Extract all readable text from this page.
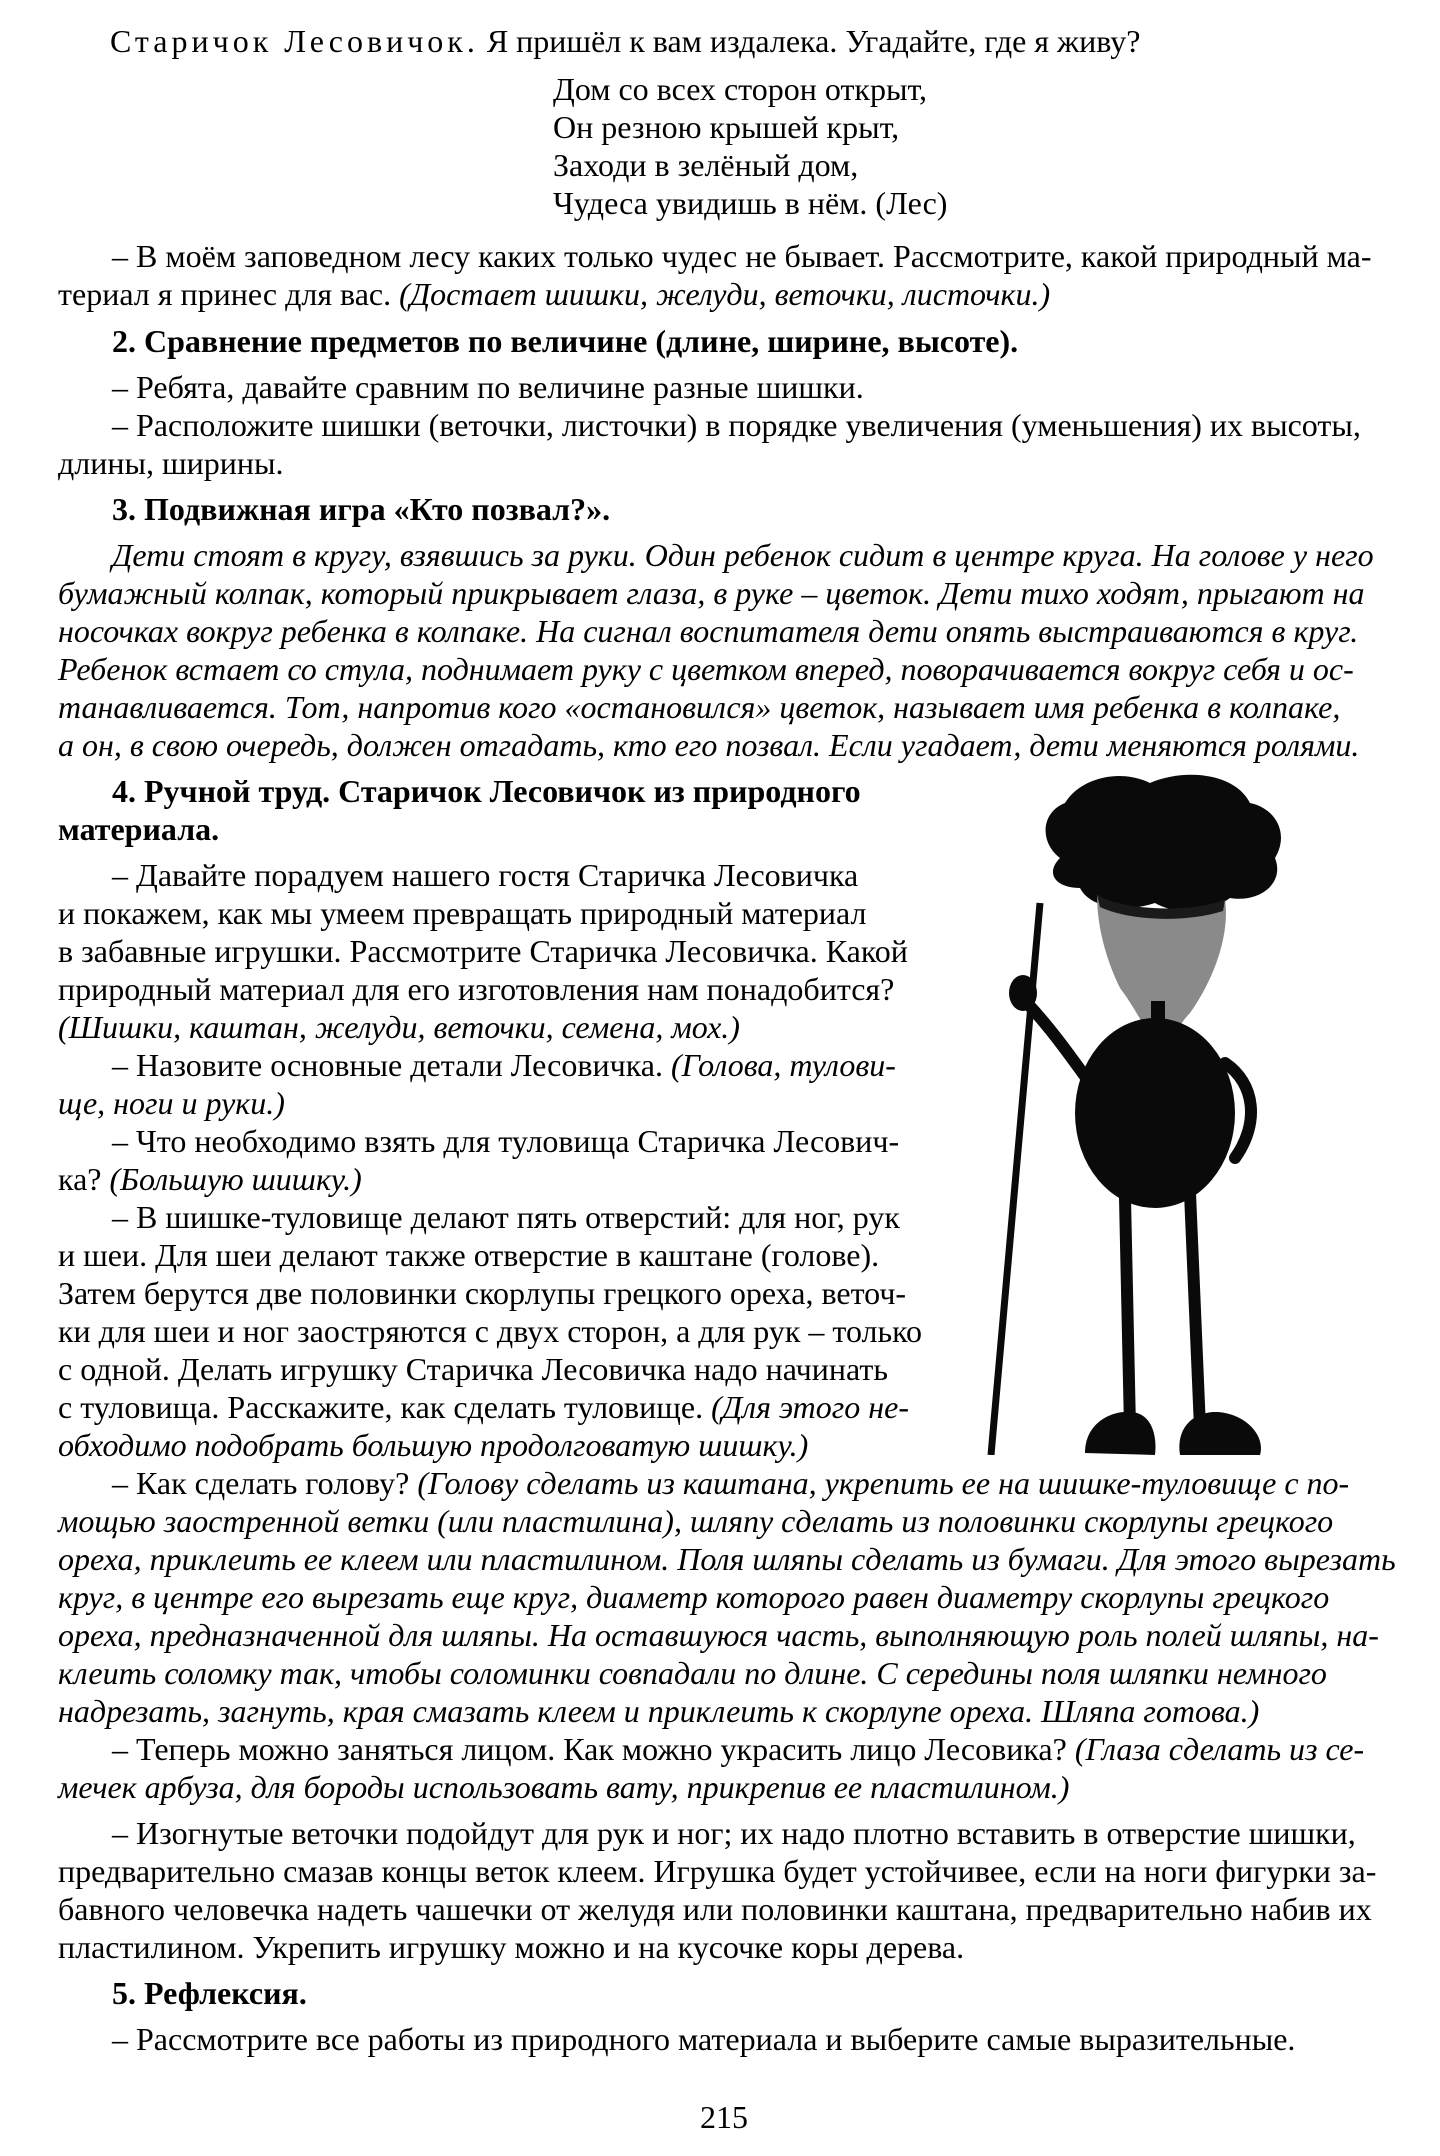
Старичок Лесовичок. Я пришёл к вам издалека. Угадайте, где я живу?
Дом со всех сторон открыт,
Он резною крышей крыт,
Заходи в зелёный дом,
Чудеса увидишь в нём. (Лес)
– В моём заповедном лесу каких только чудес не бывает. Рассмотрите, какой природный ма-
териал я принес для вас. (Достает шишки, желуди, веточки, листочки.)
2. Сравнение предметов по величине (длине, ширине, высоте).
– Ребята, давайте сравним по величине разные шишки.
– Расположите шишки (веточки, листочки) в порядке увеличения (уменьшения) их высоты,
длины, ширины.
3. Подвижная игра «Кто позвал?».
Дети стоят в кругу, взявшись за руки. Один ребенок сидит в центре круга. На голове у него
бумажный колпак, который прикрывает глаза, в руке – цветок. Дети тихо ходят, прыгают на
носочках вокруг ребенка в колпаке. На сигнал воспитателя дети опять выстраиваются в круг.
Ребенок встает со стула, поднимает руку с цветком вперед, поворачивается вокруг себя и ос-
танавливается. Тот, напротив кого «остановился» цветок, называет имя ребенка в колпаке,
а он, в свою очередь, должен отгадать, кто его позвал. Если угадает, дети меняются ролями.
4. Ручной труд. Старичок Лесовичок из природного
материала.
– Давайте порадуем нашего гостя Старичка Лесовичка
и покажем, как мы умеем превращать природный материал
в забавные игрушки. Рассмотрите Старичка Лесовичка. Какой
природный материал для его изготовления нам понадобится?
(Шишки, каштан, желуди, веточки, семена, мох.)
– Назовите основные детали Лесовичка. (Голова, тулови-
ще, ноги и руки.)
– Что необходимо взять для туловища Старичка Лесович-
ка? (Большую шишку.)
– В шишке-туловище делают пять отверстий: для ног, рук
и шеи. Для шеи делают также отверстие в каштане (голове).
Затем берутся две половинки скорлупы грецкого ореха, веточ-
ки для шеи и ног заостряются с двух сторон, а для рук – только
с одной. Делать игрушку Старичка Лесовичка надо начинать
с туловища. Расскажите, как сделать туловище. (Для этого не-
обходимо подобрать большую продолговатую шишку.)
– Как сделать голову? (Голову сделать из каштана, укрепить ее на шишке-туловище с по-
мощью заостренной ветки (или пластилина), шляпу сделать из половинки скорлупы грецкого
ореха, приклеить ее клеем или пластилином. Поля шляпы сделать из бумаги. Для этого вырезать
круг, в центре его вырезать еще круг, диаметр которого равен диаметру скорлупы грецкого
ореха, предназначенной для шляпы. На оставшуюся часть, выполняющую роль полей шляпы, на-
клеить соломку так, чтобы соломинки совпадали по длине. С середины поля шляпки немного
надрезать, загнуть, края смазать клеем и приклеить к скорлупе ореха. Шляпа готова.)
– Теперь можно заняться лицом. Как можно украсить лицо Лесовика? (Глаза сделать из се-
мечек арбуза, для бороды использовать вату, прикрепив ее пластилином.)
– Изогнутые веточки подойдут для рук и ног; их надо плотно вставить в отверстие шишки,
предварительно смазав концы веток клеем. Игрушка будет устойчивее, если на ноги фигурки за-
бавного человечка надеть чашечки от желудя или половинки каштана, предварительно набив их
пластилином. Укрепить игрушку можно и на кусочке коры дерева.
5. Рефлексия.
– Рассмотрите все работы из природного материала и выберите самые выразительные.
215
